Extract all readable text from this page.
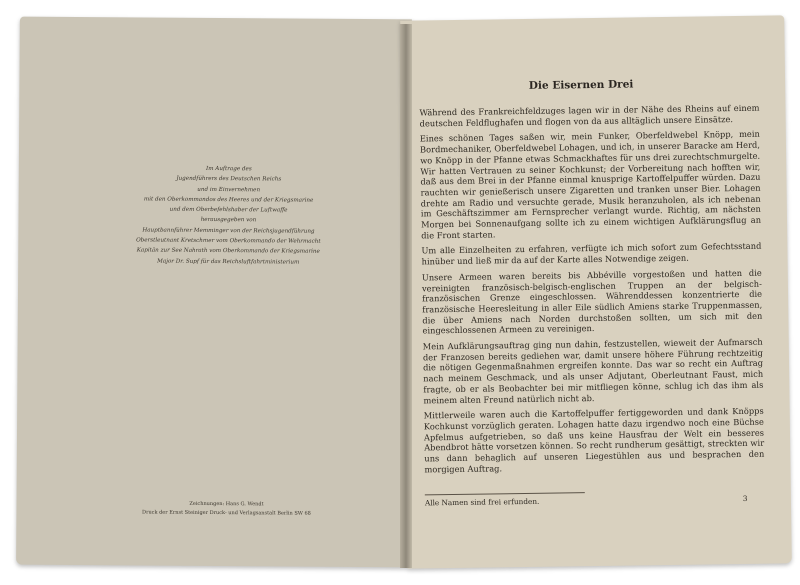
Im Auftrage des
Jugendführers des Deutschen Reichs
und im Einvernehmen
mit den Oberkommandos des Heeres und der Kriegsmarine
und dem Oberbefehlshaber der Luftwaffe
herausgegeben von
Hauptbannführer Memminger von der Reichsjugendführung
Oberstleutnant Kretschmer vom Oberkommando der Wehrmacht
Kapitän zur See Nahrath vom Oberkommando der Kriegsmarine
Major Dr. Supf für das Reichsluftfahrtministerium
Zeichnungen: Hans G. Wendt
Druck der Ernst Steiniger Druck- und Verlagsanstalt Berlin SW 68
Die Eisernen Drei

Während des Frankreichfeldzuges lagen wir in der Nähe des Rheins auf einem deutschen Feldflughafen und flogen von da aus alltäglich unsere Einsätze.

Eines schönen Tages saßen wir, mein Funker, Oberfeldwebel Knöpp, mein Bordmechaniker, Oberfeldwebel Lohagen, und ich, in unserer Baracke am Herd, wo Knöpp in der Pfanne etwas Schmackhaftes für uns drei zurechtschmurgelte. Wir hatten Vertrauen zu seiner Kochkunst; der Vorbereitung nach hofften wir, daß aus dem Brei in der Pfanne einmal knusprige Kartoffelpuffer würden. Dazu rauchten wir genießerisch unsere Zigaretten und tranken unser Bier. Lohagen drehte am Radio und versuchte gerade, Musik heranzuholen, als ich nebenan im Geschäftszimmer am Fernsprecher verlangt wurde. Richtig, am nächsten Morgen bei Sonnenaufgang sollte ich zu einem wichtigen Aufklärungsflug an die Front starten.

Um alle Einzelheiten zu erfahren, verfügte ich mich sofort zum Gefechtsstand hinüber und ließ mir da auf der Karte alles Notwendige zeigen.

Unsere Armeen waren bereits bis Abbéville vorgestoßen und hatten die vereinigten französisch-belgisch-englischen Truppen an der belgisch-französischen Grenze eingeschlossen. Währenddessen konzentrierte die französische Heeresleitung in aller Eile südlich Amiens starke Truppenmassen, die über Amiens nach Norden durchstoßen sollten, um sich mit den eingeschlossenen Armeen zu vereinigen.

Mein Aufklärungsauftrag ging nun dahin, festzustellen, wieweit der Aufmarsch der Franzosen bereits gediehen war, damit unsere höhere Führung rechtzeitig die nötigen Gegenmaßnahmen ergreifen konnte. Das war so recht ein Auftrag nach meinem Geschmack, und als unser Adjutant, Oberleutnant Faust, mich fragte, ob er als Beobachter bei mir mitfliegen könne, schlug ich das ihm als meinem alten Freund natürlich nicht ab.

Mittlerweile waren auch die Kartoffelpuffer fertiggeworden und dank Knöpps Kochkunst vorzüglich geraten. Lohagen hatte dazu irgendwo noch eine Büchse Apfelmus aufgetrieben, so daß uns keine Hausfrau der Welt ein besseres Abendbrot hätte vorsetzen können. So recht rundherum gesättigt, streckten wir uns dann behaglich auf unseren Liegestühlen aus und besprachen den morgigen Auftrag.

Alle Namen sind frei erfunden.	3
